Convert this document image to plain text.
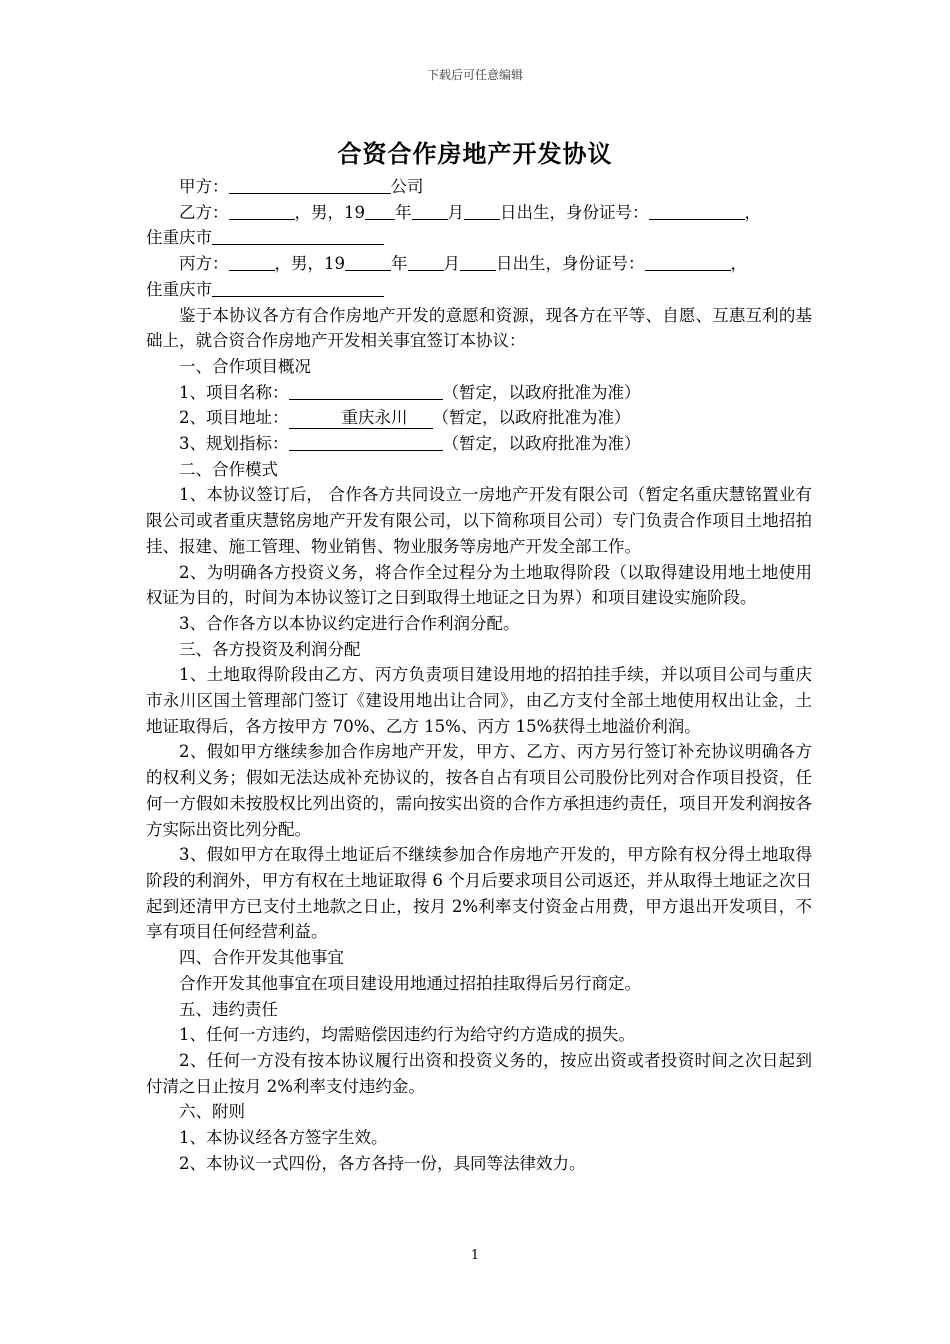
下载后可任意编辑
合资合作房地产开发协议

甲方：	公司

乙方：	，男，19 年 月 日出生，身份证号：	，

住重庆市

丙方：	，男，19	年 月 日出生，身份证号：	，

住重庆市

鉴于本协议各方有合作房地产开发的意愿和资源，现各方在平等、自愿、互惠互利的基础上，就合资合作房地产开发相关事宜签订本协议：

一、合作项目概况

1、项目名称：	（暂定，以政府批准为准）

2、项目地址：	重庆永川 （暂定，以政府批准为准）

3、规划指标：	（暂定，以政府批准为准）

二、合作模式

1、本协议签订后， 合作各方共同设立一房地产开发有限公司（暂定名重庆慧铭置业有限公司或者重庆慧铭房地产开发有限公司，以下简称项目公司）专门负责合作项目土地招拍挂、报建、施工管理、物业销售、物业服务等房地产开发全部工作。

2、为明确各方投资义务，将合作全过程分为土地取得阶段（以取得建设用地土地使用权证为目的，时间为本协议签订之日到取得土地证之日为界）和项目建设实施阶段。

3、合作各方以本协议约定进行合作利润分配。

三、各方投资及利润分配

1、土地取得阶段由乙方、丙方负责项目建设用地的招拍挂手续，并以项目公司与重庆市永川区国土管理部门签订《建设用地出让合同》，由乙方支付全部土地使用权出让金，土地证取得后，各方按甲方 70%、乙方 15%、丙方 15%获得土地溢价利润。

2、假如甲方继续参加合作房地产开发，甲方、乙方、丙方另行签订补充协议明确各方的权利义务；假如无法达成补充协议的，按各自占有项目公司股份比列对合作项目投资，任何一方假如未按股权比列出资的，需向按实出资的合作方承担违约责任，项目开发利润按各方实际出资比列分配。

3、假如甲方在取得土地证后不继续参加合作房地产开发的，甲方除有权分得土地取得阶段的利润外，甲方有权在土地证取得 6 个月后要求项目公司返还，并从取得土地证之次日起到还清甲方已支付土地款之日止，按月 2%利率支付资金占用费，甲方退出开发项目，不享有项目任何经营利益。

四、合作开发其他事宜

合作开发其他事宜在项目建设用地通过招拍挂取得后另行商定。

五、违约责任

1、任何一方违约，均需赔偿因违约行为给守约方造成的损失。

2、任何一方没有按本协议履行出资和投资义务的，按应出资或者投资时间之次日起到付清之日止按月 2%利率支付违约金。

六、附则

1、本协议经各方签字生效。

2、本协议一式四份，各方各持一份，具同等法律效力。

1
